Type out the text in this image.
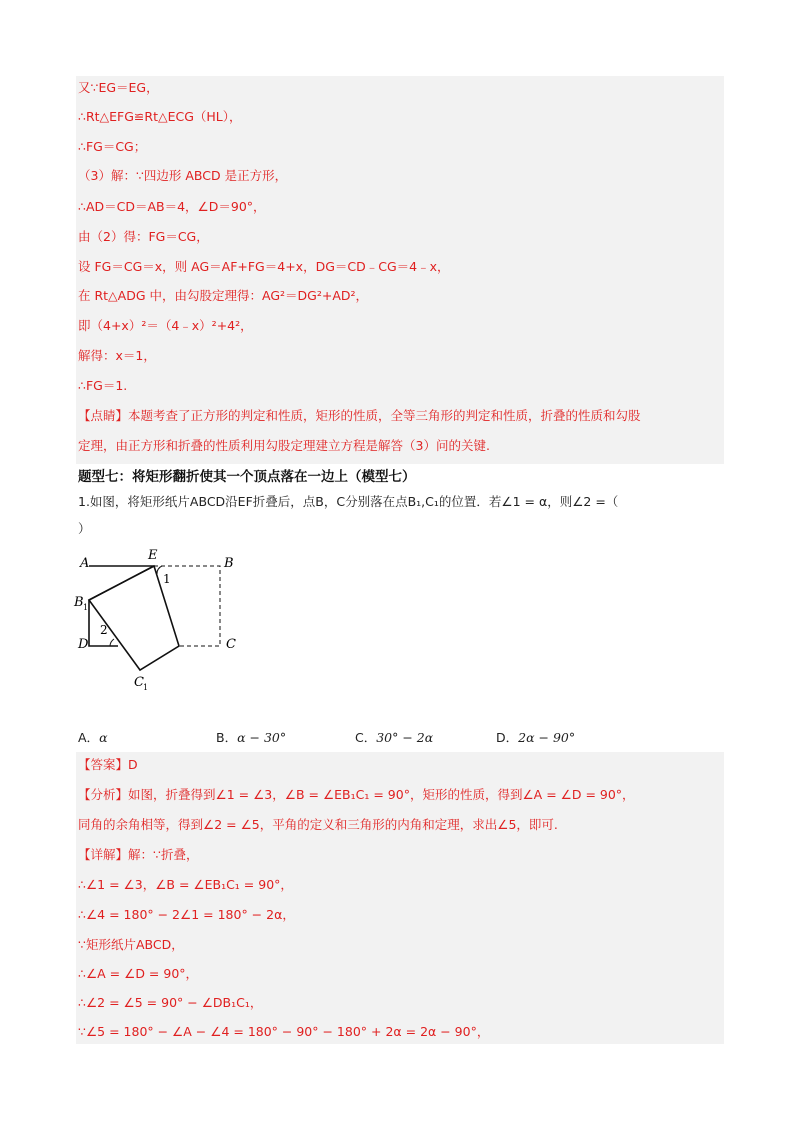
又∵EG＝EG，
∴Rt△EFG≌Rt△ECG（HL），
∴FG＝CG；
（3）解：∵四边形 ABCD 是正方形，
∴AD＝CD＝AB＝4，∠D＝90°，
由（2）得：FG＝CG，
设 FG＝CG＝x，则 AG＝AF+FG＝4+x，DG＝CD﹣CG＝4﹣x，
在 Rt△ADG 中，由勾股定理得：AG²＝DG²+AD²，
即（4+x）²＝（4﹣x）²+4²，
解得：x＝1，
∴FG＝1.
【点睛】本题考查了正方形的判定和性质，矩形的性质，全等三角形的判定和性质，折叠的性质和勾股
定理，由正方形和折叠的性质利用勾股定理建立方程是解答（3）问的关键.
题型七：将矩形翻折使其一个顶点落在一边上（模型七）
1.如图，将矩形纸片ABCD沿EF折叠后，点B，C分别落在点B₁,C₁的位置．若∠1 = α，则∠2 =（
）
A
E
B
B 1
D	C
C 1
1
2
A．α	B．α − 30°	C．30° − 2α	D．2α − 90°
【答案】D
【分析】如图，折叠得到∠1 = ∠3，∠B = ∠EB₁C₁ = 90°，矩形的性质，得到∠A = ∠D = 90°，
同角的余角相等，得到∠2 = ∠5，平角的定义和三角形的内角和定理，求出∠5，即可.
【详解】解：∵折叠，
∴∠1 = ∠3，∠B = ∠EB₁C₁ = 90°，
∴∠4 = 180° − 2∠1 = 180° − 2α，
∵矩形纸片ABCD，
∴∠A = ∠D = 90°，
∴∠2 = ∠5 = 90° − ∠DB₁C₁，
∵∠5 = 180° − ∠A − ∠4 = 180° − 90° − 180° + 2α = 2α − 90°，
